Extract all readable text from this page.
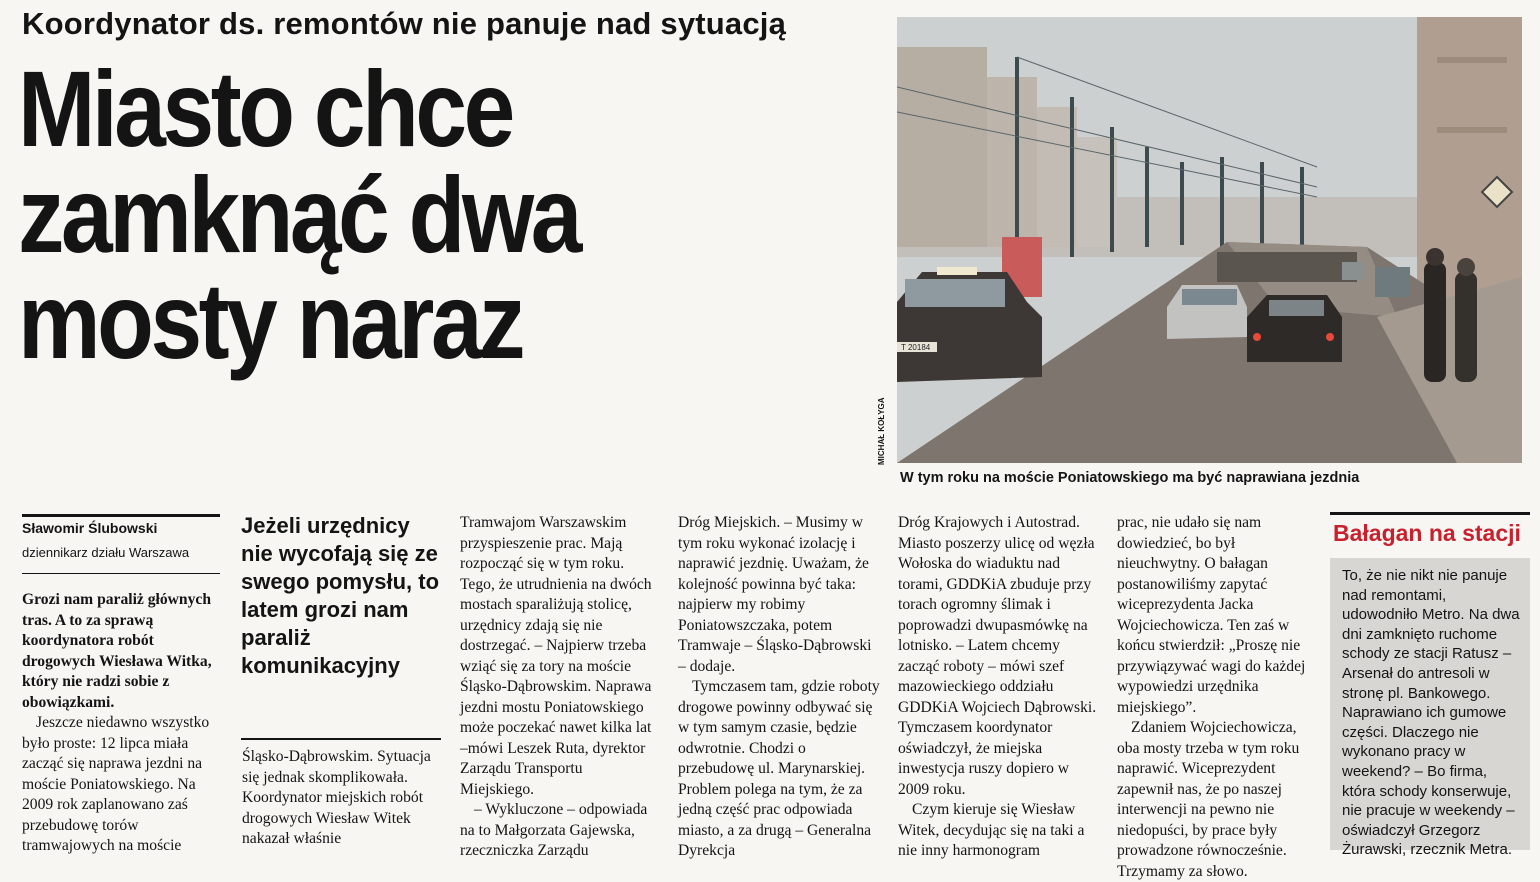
Koordynator ds. remontów nie panuje nad sytuacją
Miasto chce
zamknąć dwa
mosty naraz	T 20184
MICHAŁ KOŁYGA
W tym roku na moście Poniatowskiego ma być naprawiana jezdnia
Sławomir Ślubowski
dziennikarz działu Warszawa
Jeżeli urzędnicy nie wycofają się ze swego pomysłu, to latem grozi nam paraliż komunikacyjny

Grozi nam paraliż głównych tras. A to za sprawą koordynatora robót drogowych Wiesława Witka, który nie radzi sobie z obowiązkami.

Jeszcze niedawno wszystko było proste: 12 lipca miała zacząć się naprawa jezdni na moście Poniatowskiego. Na 2009 rok zaplanowano zaś przebudowę torów tramwajowych na moście

Śląsko-Dąbrowskim. Sytuacja się jednak skomplikowała. Koordynator miejskich robót drogowych Wiesław Witek nakazał właśnie

Tramwajom Warszawskim przyspieszenie prac. Mają rozpocząć się w tym roku. Tego, że utrudnienia na dwóch mostach sparaliżują stolicę, urzędnicy zdają się nie dostrzegać. – Najpierw trzeba wziąć się za tory na moście Śląsko-Dąbrowskim. Naprawa jezdni mostu Poniatowskiego może poczekać nawet kilka lat –mówi Leszek Ruta, dyrektor Zarządu Transportu Miejskiego.

– Wykluczone – odpowiada na to Małgorzata Gajewska, rzeczniczka Zarządu

Dróg Miejskich. – Musimy w tym roku wykonać izolację i naprawić jezdnię. Uważam, że kolejność powinna być taka: najpierw my robimy Poniatowszczaka, potem Tramwaje – Śląsko-Dąbrowski – dodaje.

Tymczasem tam, gdzie roboty drogowe powinny odbywać się w tym samym czasie, będzie odwrotnie. Chodzi o przebudowę ul. Marynarskiej. Problem polega na tym, że za jedną część prac odpowiada miasto, a za drugą – Generalna Dyrekcja

Dróg Krajowych i Autostrad. Miasto poszerzy ulicę od węzła Wołoska do wiaduktu nad torami, GDDKiA zbuduje przy torach ogromny ślimak i poprowadzi dwupasmówkę na lotnisko. – Latem chcemy zacząć roboty – mówi szef mazowieckiego oddziału GDDKiA Wojciech Dąbrowski. Tymczasem koordynator oświadczył, że miejska inwestycja ruszy dopiero w 2009 roku.

Czym kieruje się Wiesław Witek, decydując się na taki a nie inny harmonogram

prac, nie udało się nam dowiedzieć, bo był nieuchwytny. O bałagan postanowiliśmy zapytać wiceprezydenta Jacka Wojciechowicza. Ten zaś w końcu stwierdził: „Proszę nie przywiązywać wagi do każdej wypowiedzi urzędnika miejskiego”.

Zdaniem Wojciechowicza, oba mosty trzeba w tym roku naprawić. Wiceprezydent zapewnił nas, że po naszej interwencji na pewno nie niedopuści, by prace były prowadzone równocześnie. Trzymamy za słowo.

Bałagan na stacji
To, że nie nikt nie panuje nad remontami, udowodniło Metro. Na dwa dni zamknięto ruchome schody ze stacji Ratusz – Arsenał do antresoli w stronę pl. Bankowego. Naprawiano ich gumowe części. Dlaczego nie wykonano pracy w weekend? – Bo firma, która schody konserwuje, nie pracuje w weekendy – oświadczył Grzegorz Żurawski, rzecznik Metra.
